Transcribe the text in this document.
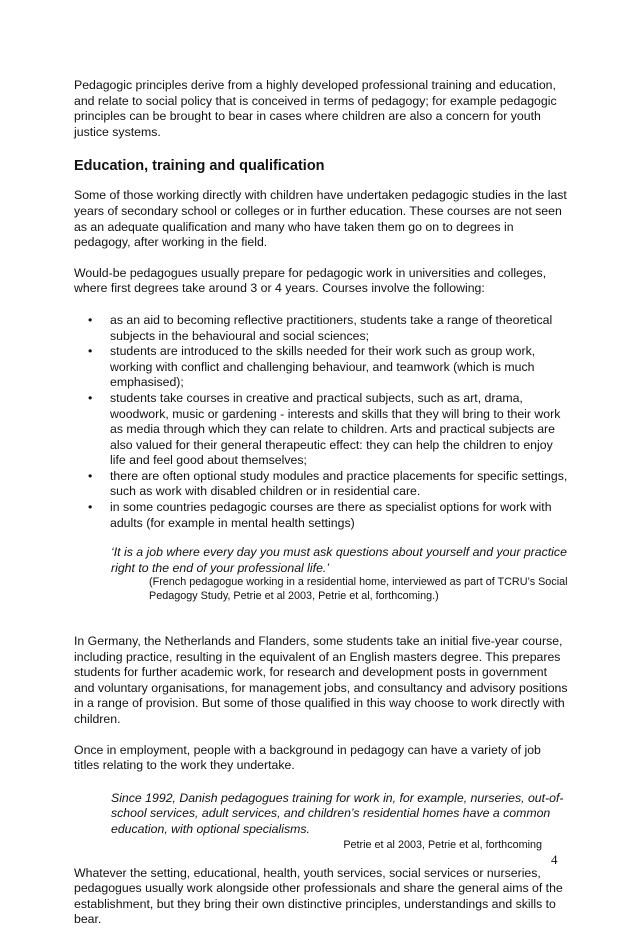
Pedagogic principles derive from a highly developed professional training and education, and relate to social policy that is conceived in terms of pedagogy; for example pedagogic principles can be brought to bear in cases where children are also a concern for youth justice systems.

Education, training and qualification

Some of those working directly with children have undertaken pedagogic studies in the last years of secondary school or colleges or in further education. These courses are not seen as an adequate qualification and many who have taken them go on to degrees in pedagogy, after working in the field.

Would-be pedagogues usually prepare for pedagogic work in universities and colleges, where first degrees take around 3 or 4 years. Courses involve the following:

• as an aid to becoming reflective practitioners, students take a range of theoretical subjects in the behavioural and social sciences;
• students are introduced to the skills needed for their work such as group work, working with conflict and challenging behaviour, and teamwork (which is much emphasised);
• students take courses in creative and practical subjects, such as art, drama, woodwork, music or gardening - interests and skills that they will bring to their work as media through which they can relate to children. Arts and practical subjects are also valued for their general therapeutic effect: they can help the children to enjoy life and feel good about themselves;
• there are often optional study modules and practice placements for specific settings, such as work with disabled children or in residential care.
• in some countries pedagogic courses are there as specialist options for work with adults (for example in mental health settings)

‘It is a job where every day you must ask questions about yourself and your practice right to the end of your professional life.’

(French pedagogue working in a residential home, interviewed as part of TCRU’s Social Pedagogy Study, Petrie et al 2003, Petrie et al, forthcoming.)

In Germany, the Netherlands and Flanders, some students take an initial five-year course, including practice, resulting in the equivalent of an English masters degree. This prepares students for further academic work, for research and development posts in government and voluntary organisations, for management jobs, and consultancy and advisory positions in a range of provision. But some of those qualified in this way choose to work directly with children.

Once in employment, people with a background in pedagogy can have a variety of job titles relating to the work they undertake.

Since 1992, Danish pedagogues training for work in, for example, nurseries, out-of-school services, adult services, and children’s residential homes have a common education, with optional specialisms.

Petrie et al 2003, Petrie et al, forthcoming

Whatever the setting, educational, health, youth services, social services or nurseries, pedagogues usually work alongside other professionals and share the general aims of the establishment, but they bring their own distinctive principles, understandings and skills to bear.

4
